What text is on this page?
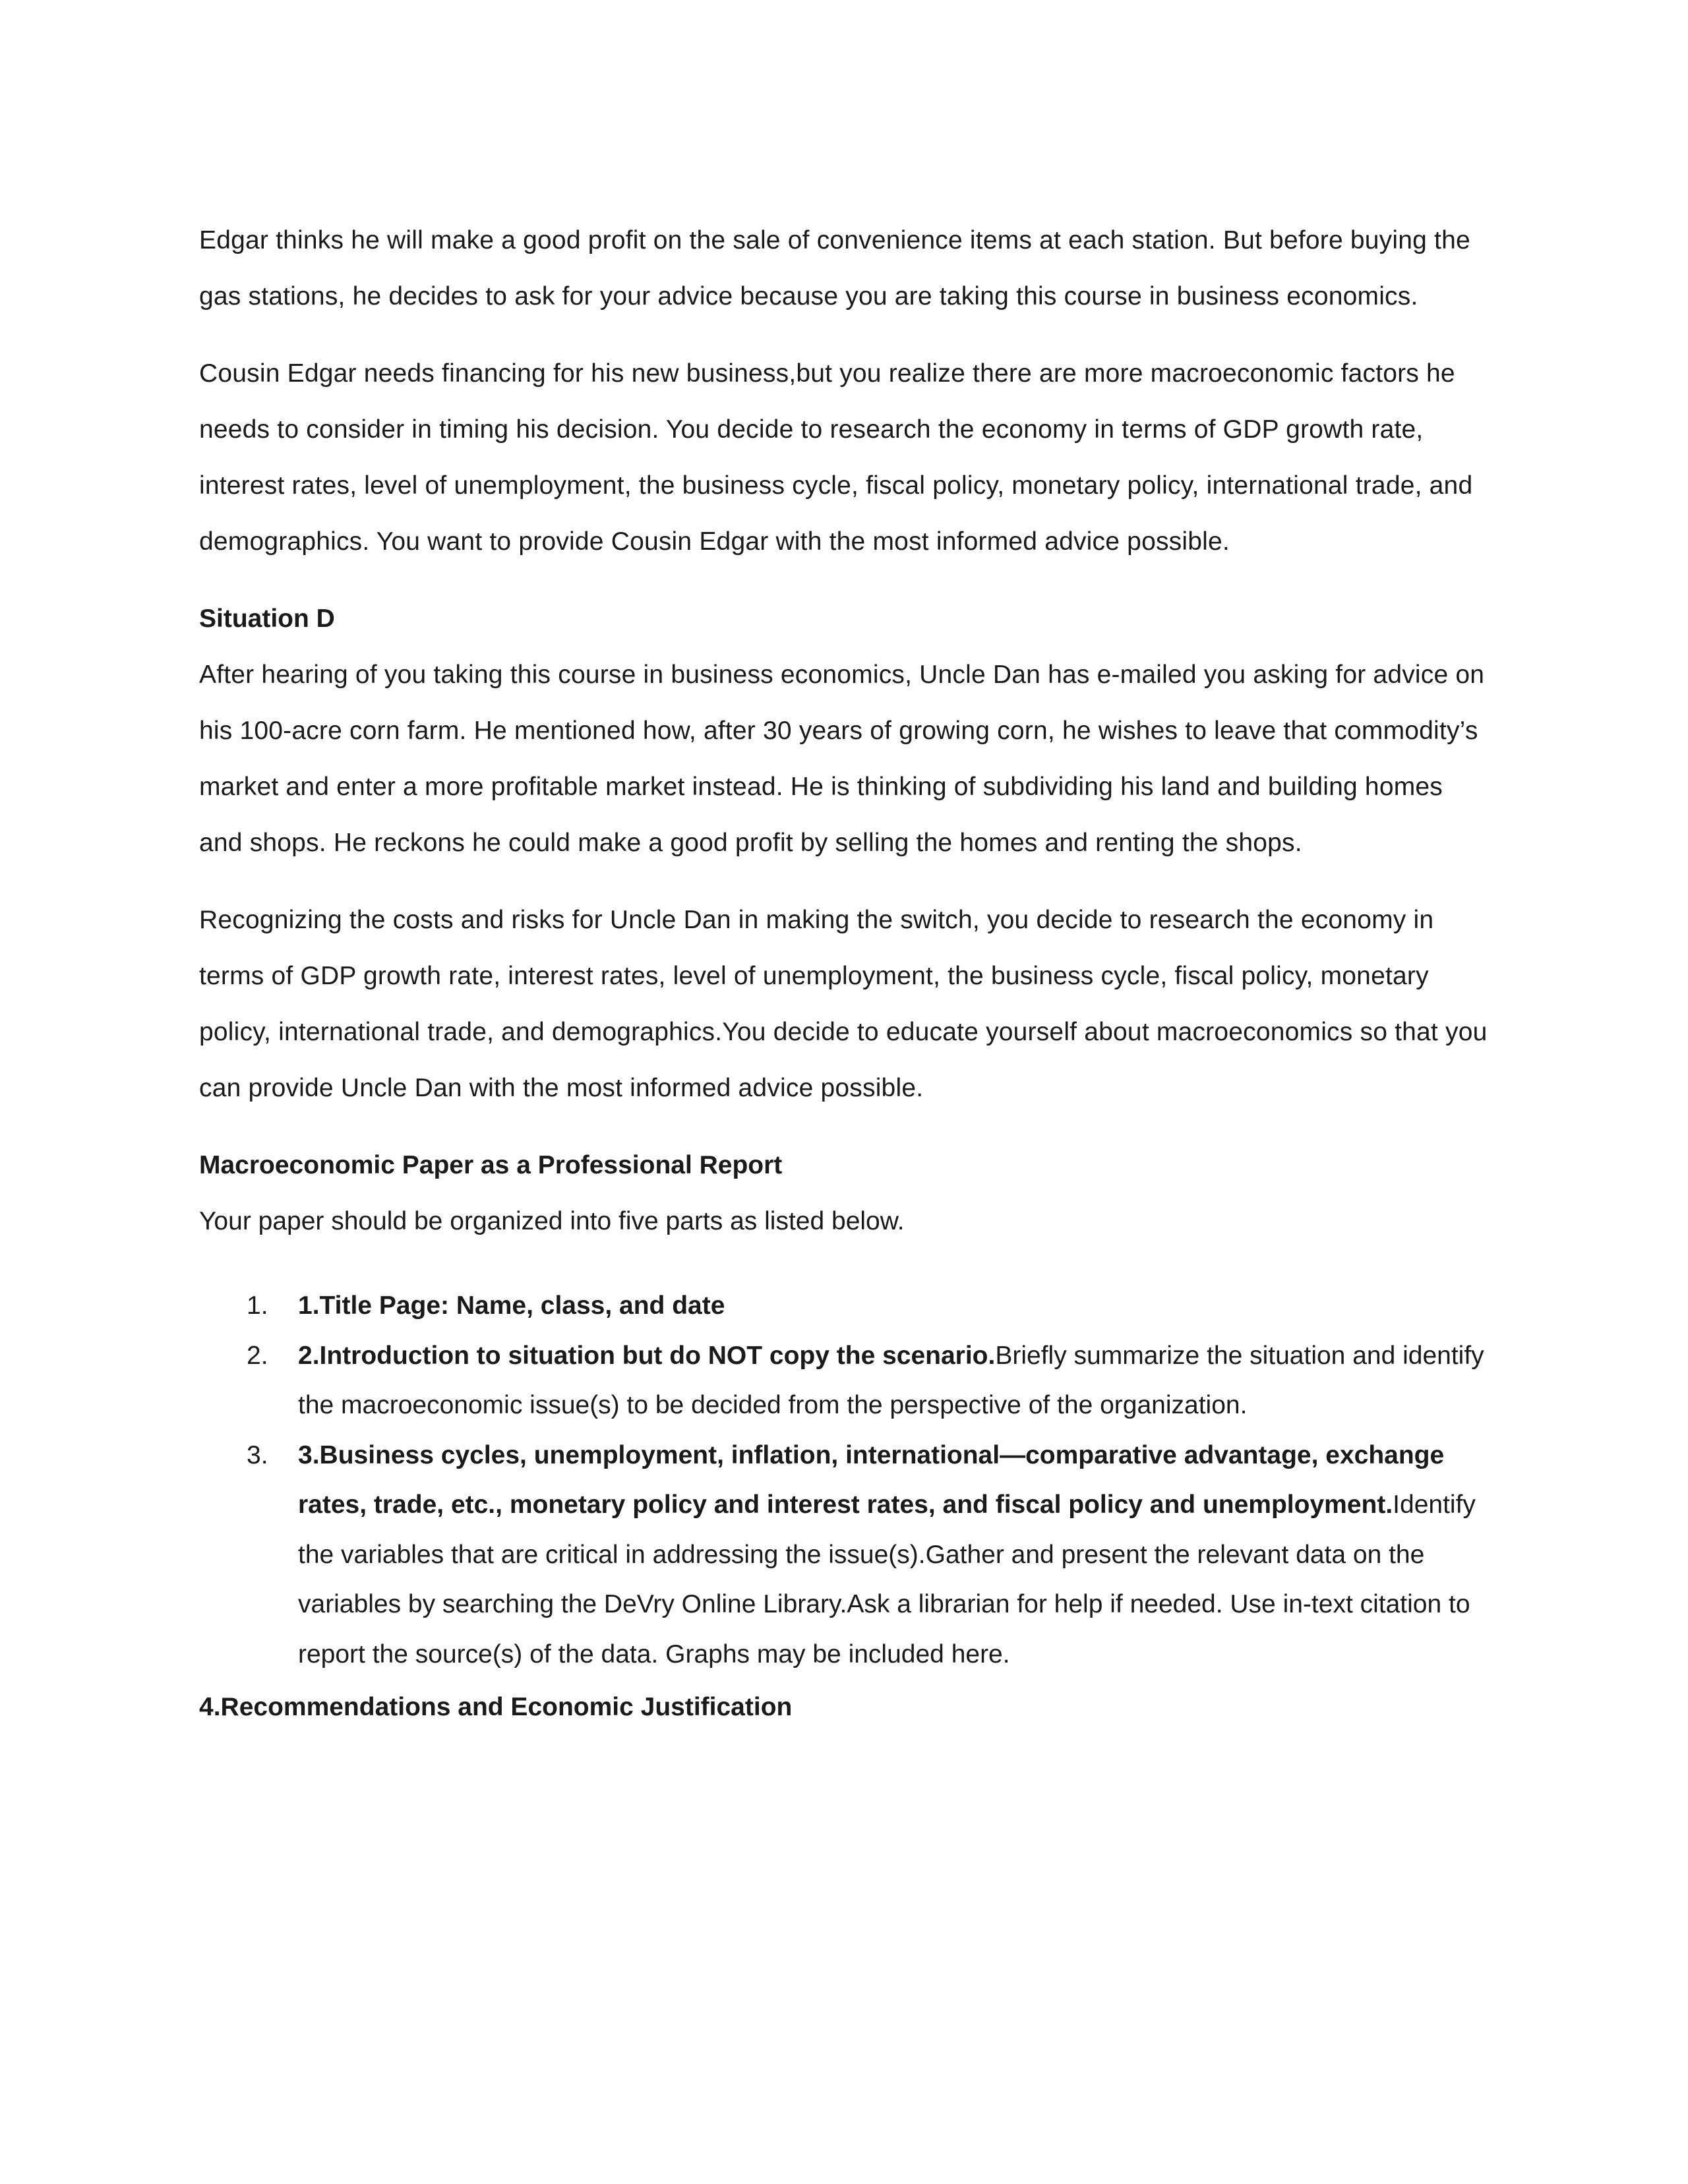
Edgar thinks he will make a good profit on the sale of convenience items at each station. But before buying the gas stations, he decides to ask for your advice because you are taking this course in business economics.

Cousin Edgar needs financing for his new business,but you realize there are more macroeconomic factors he needs to consider in timing his decision. You decide to research the economy in terms of GDP growth rate, interest rates, level of unemployment, the business cycle, fiscal policy, monetary policy, international trade, and demographics. You want to provide Cousin Edgar with the most informed advice possible.

Situation D

After hearing of you taking this course in business economics, Uncle Dan has e-mailed you asking for advice on his 100-acre corn farm. He mentioned how, after 30 years of growing corn, he wishes to leave that commodity’s market and enter a more profitable market instead. He is thinking of subdividing his land and building homes and shops. He reckons he could make a good profit by selling the homes and renting the shops.

Recognizing the costs and risks for Uncle Dan in making the switch, you decide to research the economy in terms of GDP growth rate, interest rates, level of unemployment, the business cycle, fiscal policy, monetary policy, international trade, and demographics.You decide to educate yourself about macroeconomics so that you can provide Uncle Dan with the most informed advice possible.

Macroeconomic Paper as a Professional Report

Your paper should be organized into five parts as listed below.

1. 1.Title Page: Name, class, and date
2. 2.Introduction to situation but do NOT copy the scenario.Briefly summarize the situation and identify the macroeconomic issue(s) to be decided from the perspective of the organization.
3. 3.Business cycles, unemployment, inflation, international—comparative advantage, exchange rates, trade, etc., monetary policy and interest rates, and fiscal policy and unemployment.Identify the variables that are critical in addressing the issue(s).Gather and present the relevant data on the variables by searching the DeVry Online Library.Ask a librarian for help if needed. Use in-text citation to report the source(s) of the data. Graphs may be included here.
4.Recommendations and Economic Justification
